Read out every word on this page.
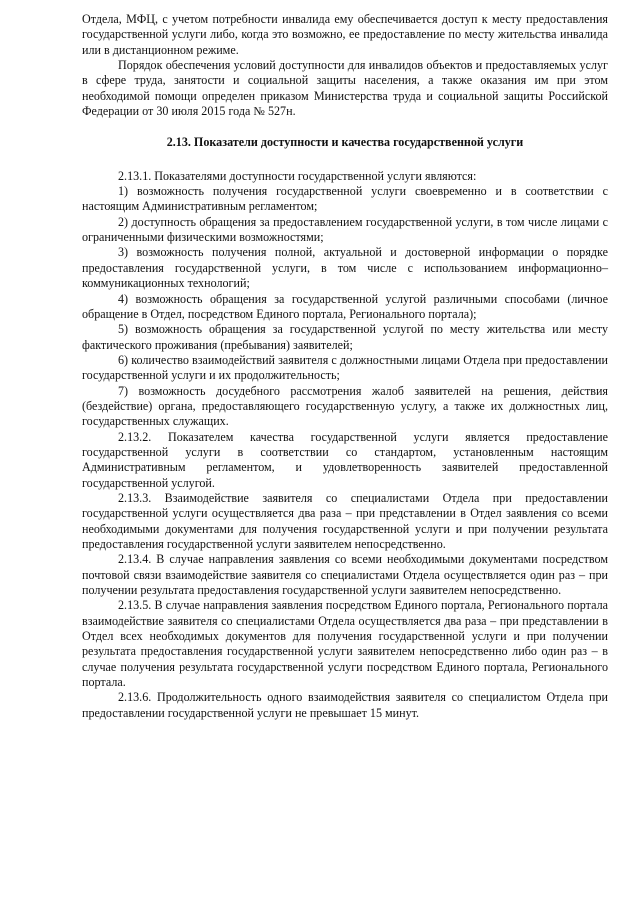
Отдела, МФЦ, с учетом потребности инвалида ему обеспечивается доступ к месту предоставления государственной услуги либо, когда это возможно, ее предоставление по месту жительства инвалида или в дистанционном режиме.

Порядок обеспечения условий доступности для инвалидов объектов и предоставляемых услуг в сфере труда, занятости и социальной защиты населения, а также оказания им при этом необходимой помощи определен приказом Министерства труда и социальной защиты Российской Федерации от 30 июля 2015 года № 527н.

2.13. Показатели доступности и качества государственной услуги

2.13.1. Показателями доступности государственной услуги являются:

1) возможность получения государственной услуги своевременно и в соответствии с настоящим Административным регламентом;

2) доступность обращения за предоставлением государственной услуги, в том числе лицами с ограниченными физическими возможностями;

3) возможность получения полной, актуальной и достоверной информации о порядке предоставления государственной услуги, в том числе с использованием информационно–коммуникационных технологий;

4) возможность обращения за государственной услугой различными способами (личное обращение в Отдел, посредством Единого портала, Регионального портала);

5) возможность обращения за государственной услугой по месту жительства или месту фактического проживания (пребывания) заявителей;

6) количество взаимодействий заявителя с должностными лицами Отдела при предоставлении государственной услуги и их продолжительность;

7) возможность досудебного рассмотрения жалоб заявителей на решения, действия (бездействие) органа, предоставляющего государственную услугу, а также их должностных лиц, государственных служащих.

2.13.2. Показателем качества государственной услуги является предоставление государственной услуги в соответствии со стандартом, установленным настоящим Административным регламентом, и удовлетворенность заявителей предоставленной государственной услугой.

2.13.3. Взаимодействие заявителя со специалистами Отдела при предоставлении государственной услуги осуществляется два раза – при представлении в Отдел заявления со всеми необходимыми документами для получения государственной услуги и при получении результата предоставления государственной услуги заявителем непосредственно.

2.13.4. В случае направления заявления со всеми необходимыми документами посредством почтовой связи взаимодействие заявителя со специалистами Отдела осуществляется один раз – при получении результата предоставления государственной услуги заявителем непосредственно.

2.13.5. В случае направления заявления посредством Единого портала, Регионального портала взаимодействие заявителя со специалистами Отдела осуществляется два раза – при представлении в Отдел всех необходимых документов для получения государственной услуги и при получении результата предоставления государственной услуги заявителем непосредственно либо один раз – в случае получения результата государственной услуги посредством Единого портала, Регионального портала.

2.13.6. Продолжительность одного взаимодействия заявителя со специалистом Отдела при предоставлении государственной услуги не превышает 15 минут.
